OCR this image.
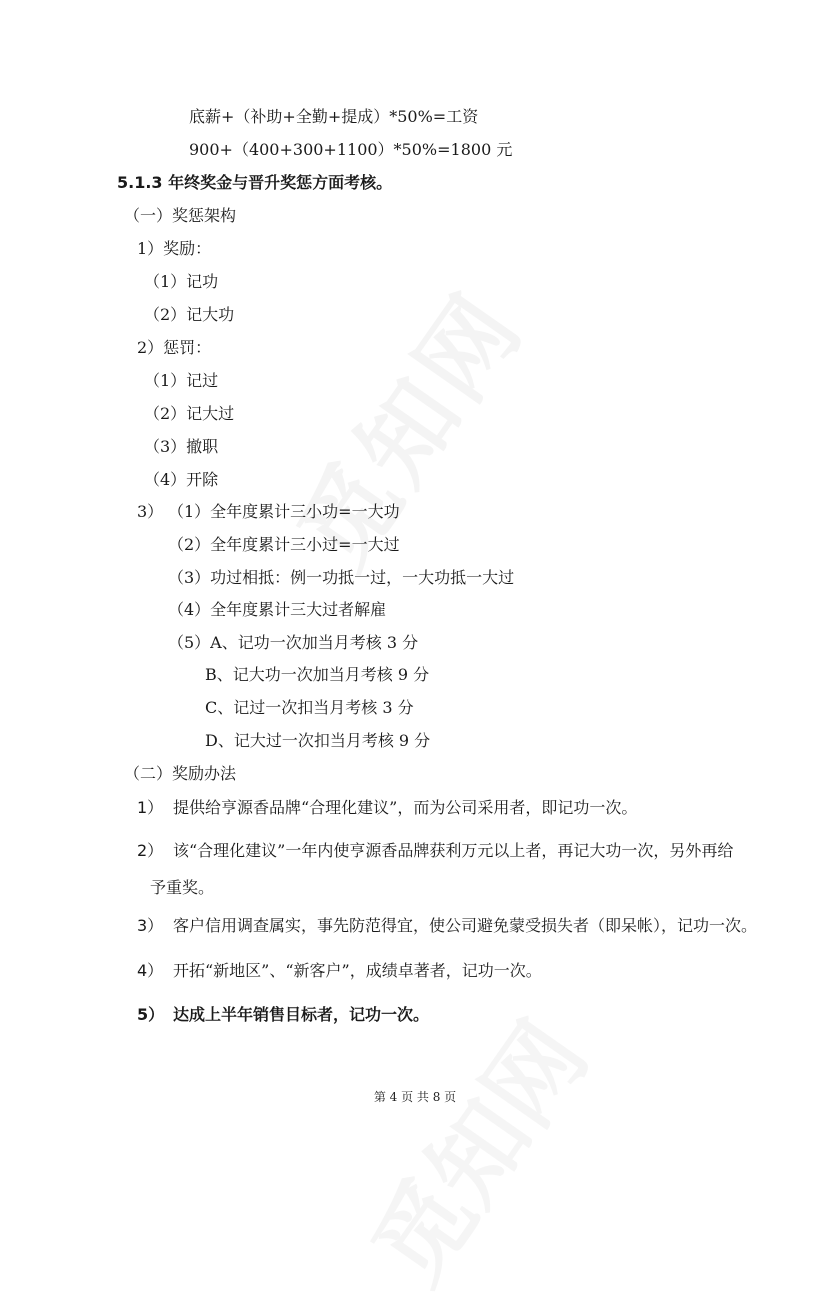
底薪+（补助+全勤+提成）*50%=工资
900+（400+300+1100）*50%=1800 元
5.1.3 年终奖金与晋升奖惩方面考核。
（一）奖惩架构
1）奖励：
（1）记功
（2）记大功
2）惩罚：
（1）记过
（2）记大过
（3）撤职
（4）开除
3） （1）全年度累计三小功=一大功
（2）全年度累计三小过=一大过
（3）功过相抵：例一功抵一过，一大功抵一大过
（4）全年度累计三大过者解雇
（5）A、记功一次加当月考核 3 分
B、记大功一次加当月考核 9 分
C、记过一次扣当月考核 3 分
D、记大过一次扣当月考核 9 分
（二）奖励办法
1） 提供给亨源香品牌“合理化建议”，而为公司采用者，即记功一次。
2） 该“合理化建议”一年内使亨源香品牌获利万元以上者，再记大功一次，另外再给
予重奖。
3） 客户信用调查属实，事先防范得宜，使公司避免蒙受损失者（即呆帐），记功一次。
4） 开拓“新地区”、“新客户”，成绩卓著者，记功一次。
5） 达成上半年销售目标者，记功一次。
第 4 页 共 8 页
